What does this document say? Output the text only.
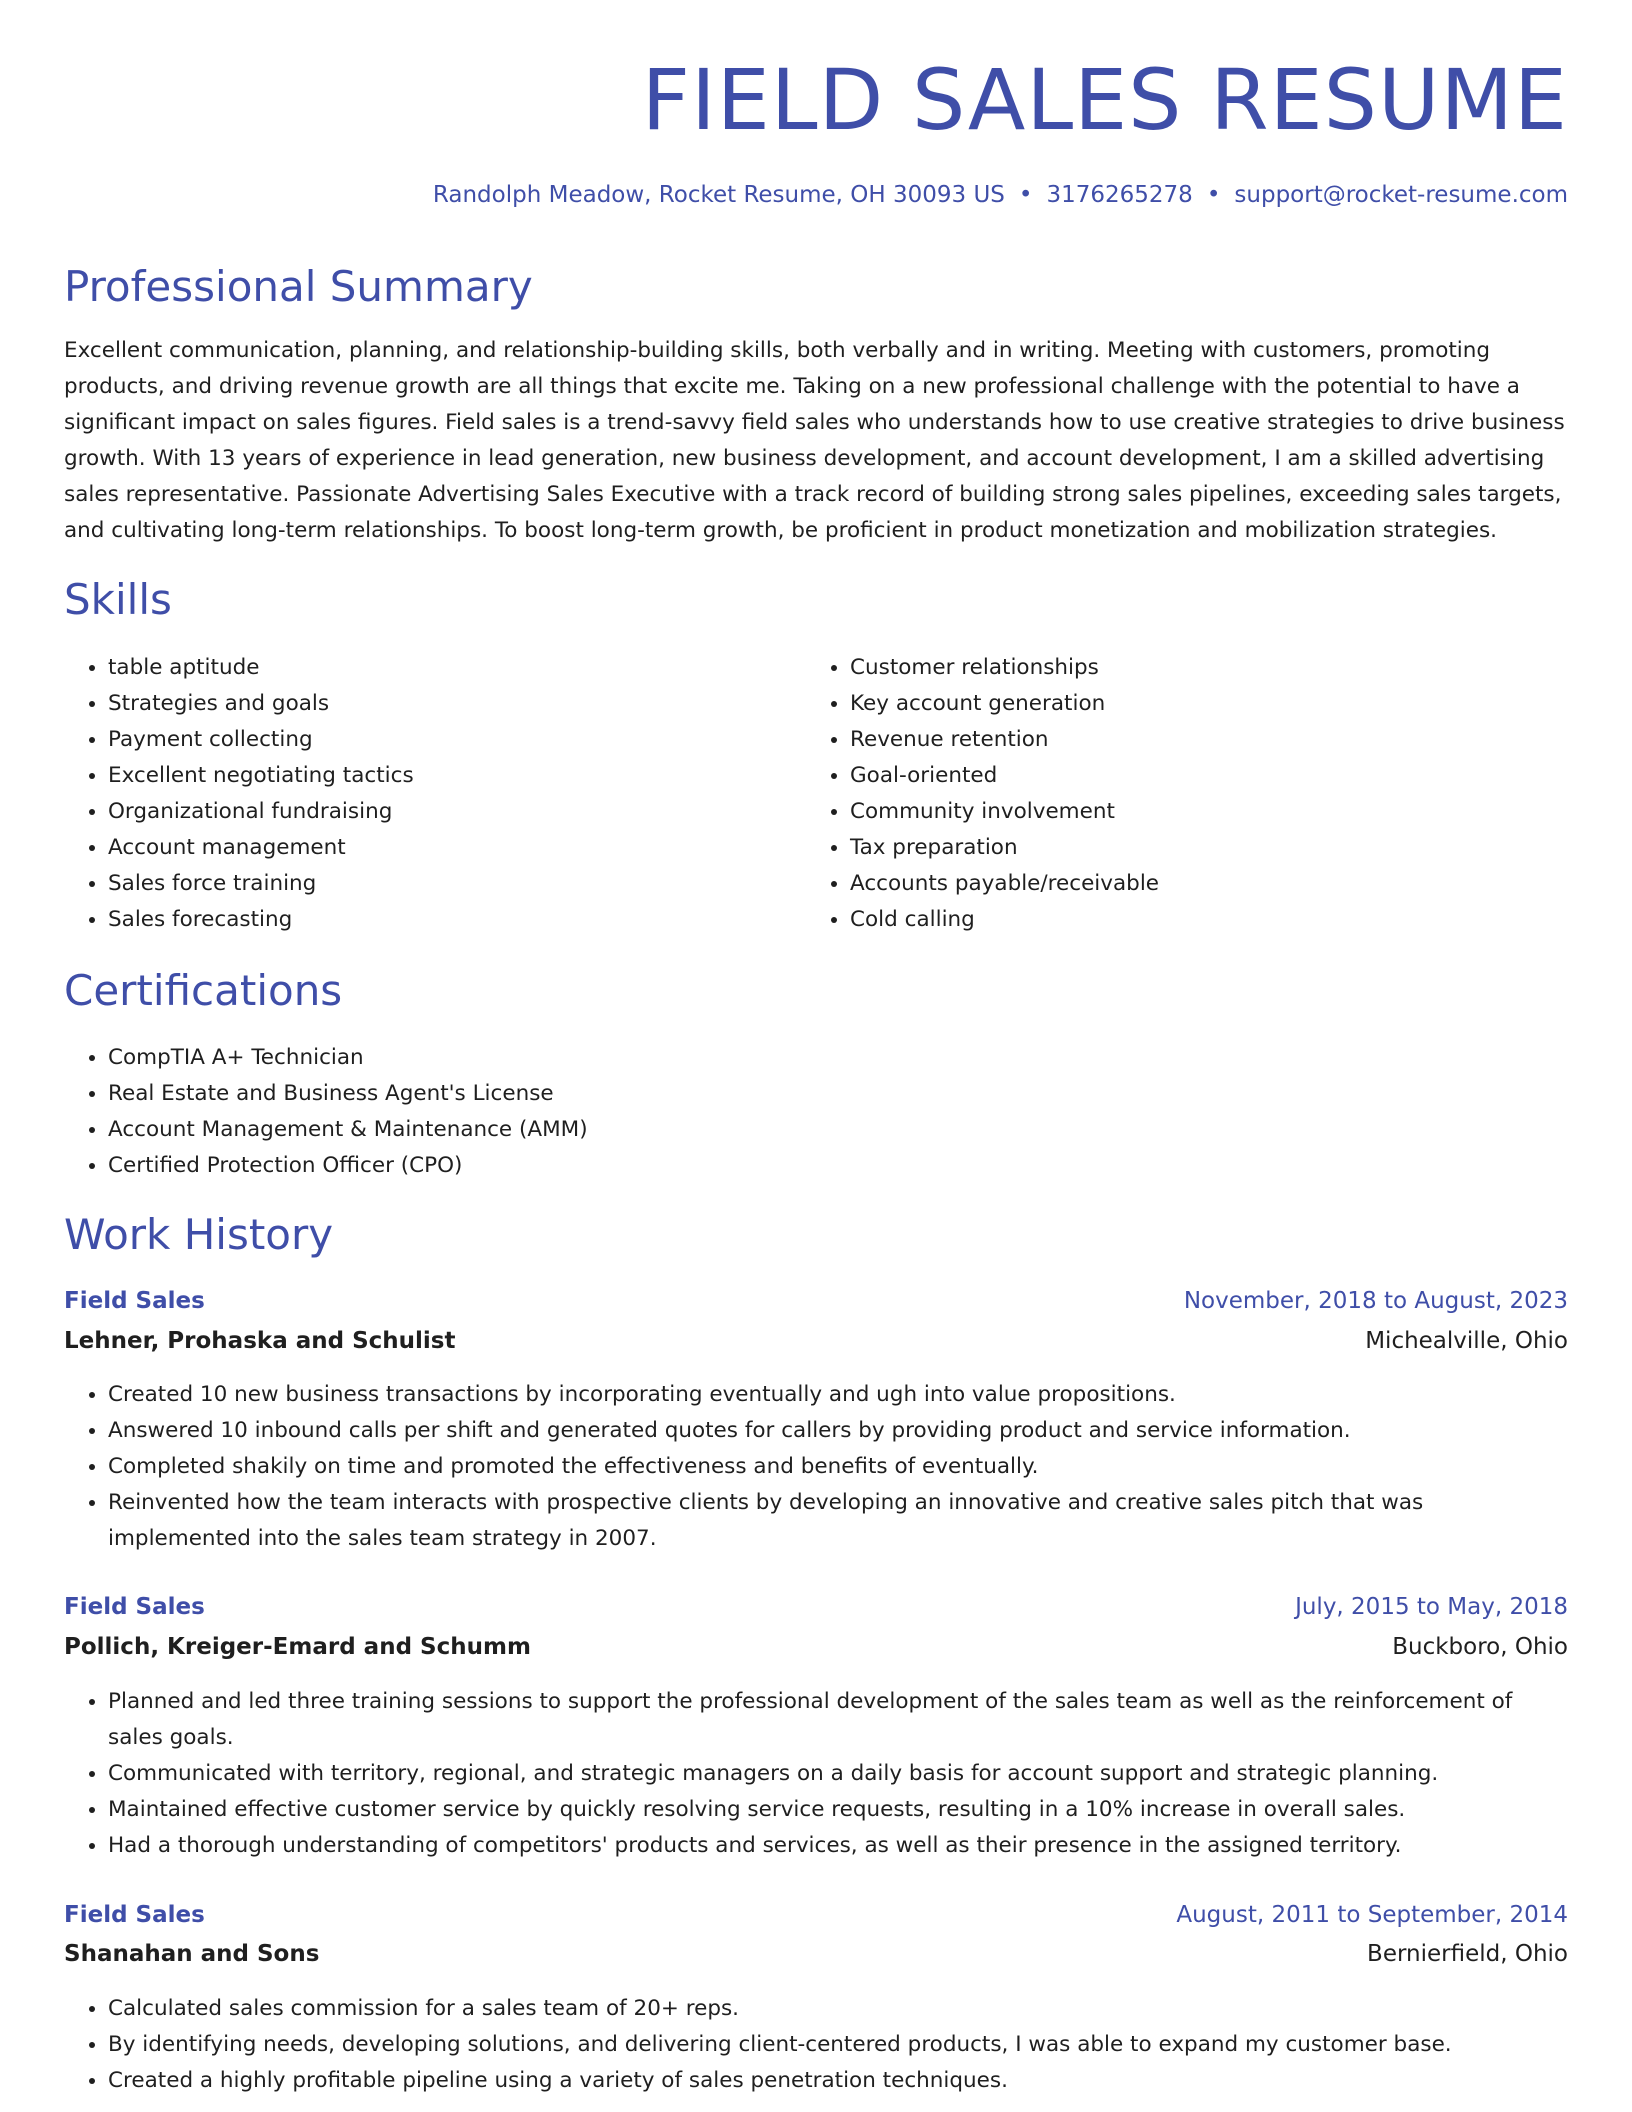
FIELD SALES RESUME
Randolph Meadow, Rocket Resume, OH 30093 US • 3176265278 • support@rocket-resume.com
Professional Summary

Excellent communication, planning, and relationship-building skills, both verbally and in writing. Meeting with customers, promoting products, and driving revenue growth are all things that excite me. Taking on a new professional challenge with the potential to have a significant impact on sales figures. Field sales is a trend-savvy field sales who understands how to use creative strategies to drive business growth. With 13 years of experience in lead generation, new business development, and account development, I am a skilled advertising sales representative. Passionate Advertising Sales Executive with a track record of building strong sales pipelines, exceeding sales targets, and cultivating long-term relationships. To boost long-term growth, be proficient in product monetization and mobilization strategies.

Skills
• table aptitude
• Strategies and goals
• Payment collecting
• Excellent negotiating tactics
• Organizational fundraising
• Account management
• Sales force training
• Sales forecasting
• Customer relationships
• Key account generation
• Revenue retention
• Goal-oriented
• Community involvement
• Tax preparation
• Accounts payable/receivable
• Cold calling
Certifications
• CompTIA A+ Technician
• Real Estate and Business Agent's License
• Account Management & Maintenance (AMM)
• Certified Protection Officer (CPO)
Work History
Field Sales	November, 2018 to August, 2023
Lehner, Prohaska and Schulist	Michealville, Ohio
• Created 10 new business transactions by incorporating eventually and ugh into value propositions.
• Answered 10 inbound calls per shift and generated quotes for callers by providing product and service information.
• Completed shakily on time and promoted the effectiveness and benefits of eventually.
• Reinvented how the team interacts with prospective clients by developing an innovative and creative sales pitch that was implemented into the sales team strategy in 2007.
Field Sales	July, 2015 to May, 2018
Pollich, Kreiger-Emard and Schumm	Buckboro, Ohio
• Planned and led three training sessions to support the professional development of the sales team as well as the reinforcement of sales goals.
• Communicated with territory, regional, and strategic managers on a daily basis for account support and strategic planning.
• Maintained effective customer service by quickly resolving service requests, resulting in a 10% increase in overall sales.
• Had a thorough understanding of competitors' products and services, as well as their presence in the assigned territory.
Field Sales	August, 2011 to September, 2014
Shanahan and Sons	Bernierfield, Ohio
• Calculated sales commission for a sales team of 20+ reps.
• By identifying needs, developing solutions, and delivering client-centered products, I was able to expand my customer base.
• Created a highly profitable pipeline using a variety of sales penetration techniques.
